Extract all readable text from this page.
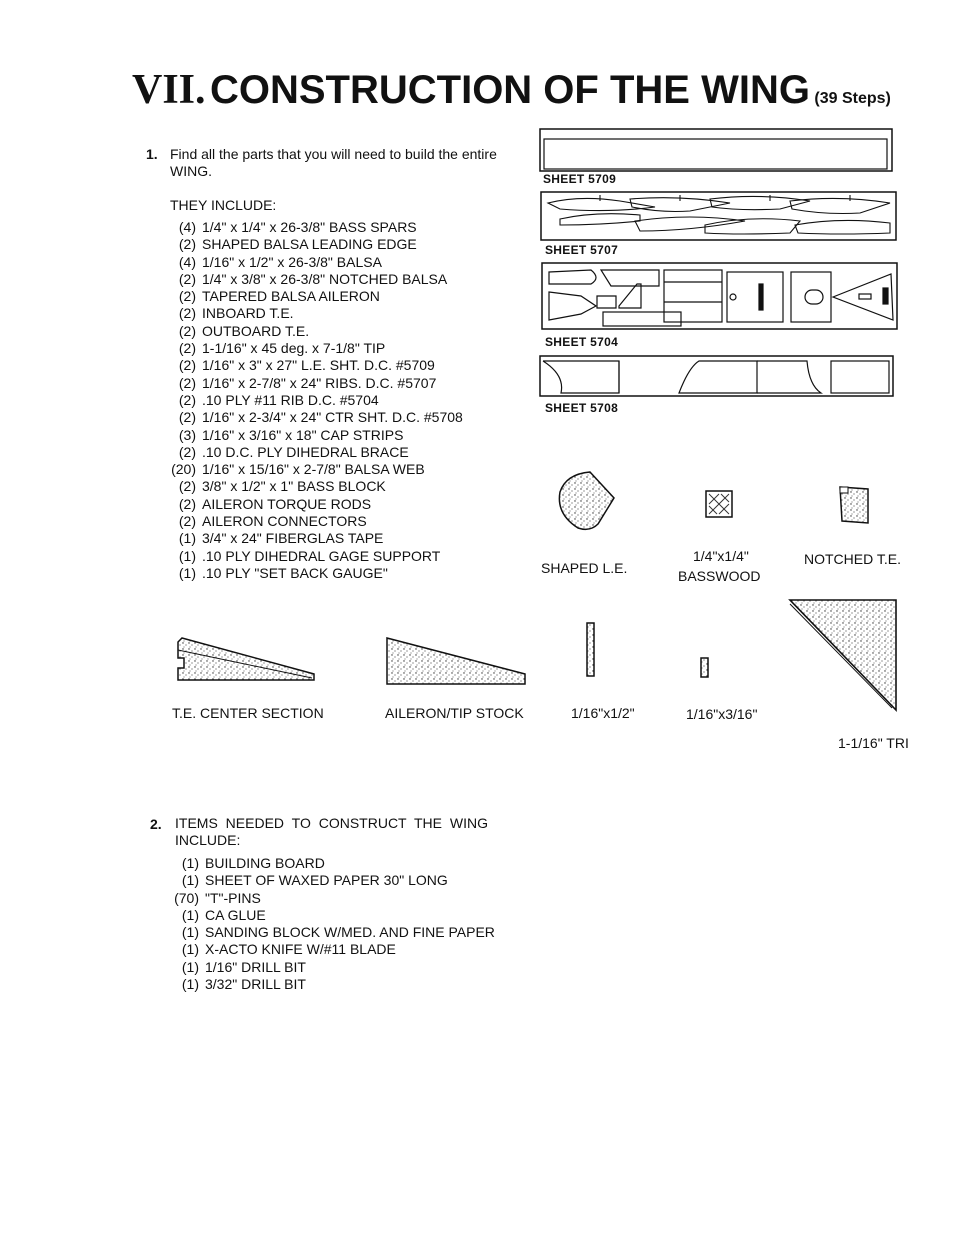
VII. CONSTRUCTION OF THE WING (39 Steps)
1. Find all the parts that you will need to build the entire
WING.
THEY INCLUDE:
(4) 1/4" x 1/4" x 26-3/8" BASS SPARS
(2) SHAPED BALSA LEADING EDGE
(4) 1/16" x 1/2" x 26-3/8" BALSA
(2) 1/4" x 3/8" x 26-3/8" NOTCHED BALSA
(2) TAPERED BALSA AILERON
(2) INBOARD T.E.
(2) OUTBOARD T.E.
(2) 1-1/16" x 45 deg. x 7-1/8" TIP
(2) 1/16" x 3" x 27" L.E. SHT. D.C. #5709
(2) 1/16" x 2-7/8" x 24" RIBS. D.C. #5707
(2) .10 PLY #11 RIB D.C. #5704
(2) 1/16" x 2-3/4" x 24" CTR SHT. D.C. #5708
(3) 1/16" x 3/16" x 18" CAP STRIPS
(2) .10 D.C. PLY DIHEDRAL BRACE
(20) 1/16" x 15/16" x 2-7/8" BALSA WEB
(2) 3/8" x 1/2" x 1" BASS BLOCK
(2) AILERON TORQUE RODS
(2) AILERON CONNECTORS
(1) 3/4" x 24" FIBERGLAS TAPE
(1) .10 PLY DIHEDRAL GAGE SUPPORT
(1) .10 PLY "SET BACK GAUGE"
SHEET 5709
SHEET 5707
SHEET 5704
SHEET 5708
SHAPED L.E.
1/4"x1/4"
BASSWOOD
NOTCHED T.E.
T.E. CENTER SECTION	AILERON/TIP STOCK	1/16"x1/2"	1/16"x3/16"
1-1/16" TRI
2. ITEMS NEEDED TO CONSTRUCT THE WING
INCLUDE:
(1) BUILDING BOARD
(1) SHEET OF WAXED PAPER 30" LONG
(70) "T"-PINS
(1) CA GLUE
(1) SANDING BLOCK W/MED. AND FINE PAPER
(1) X-ACTO KNIFE W/#11 BLADE
(1) 1/16" DRILL BIT
(1) 3/32" DRILL BIT
